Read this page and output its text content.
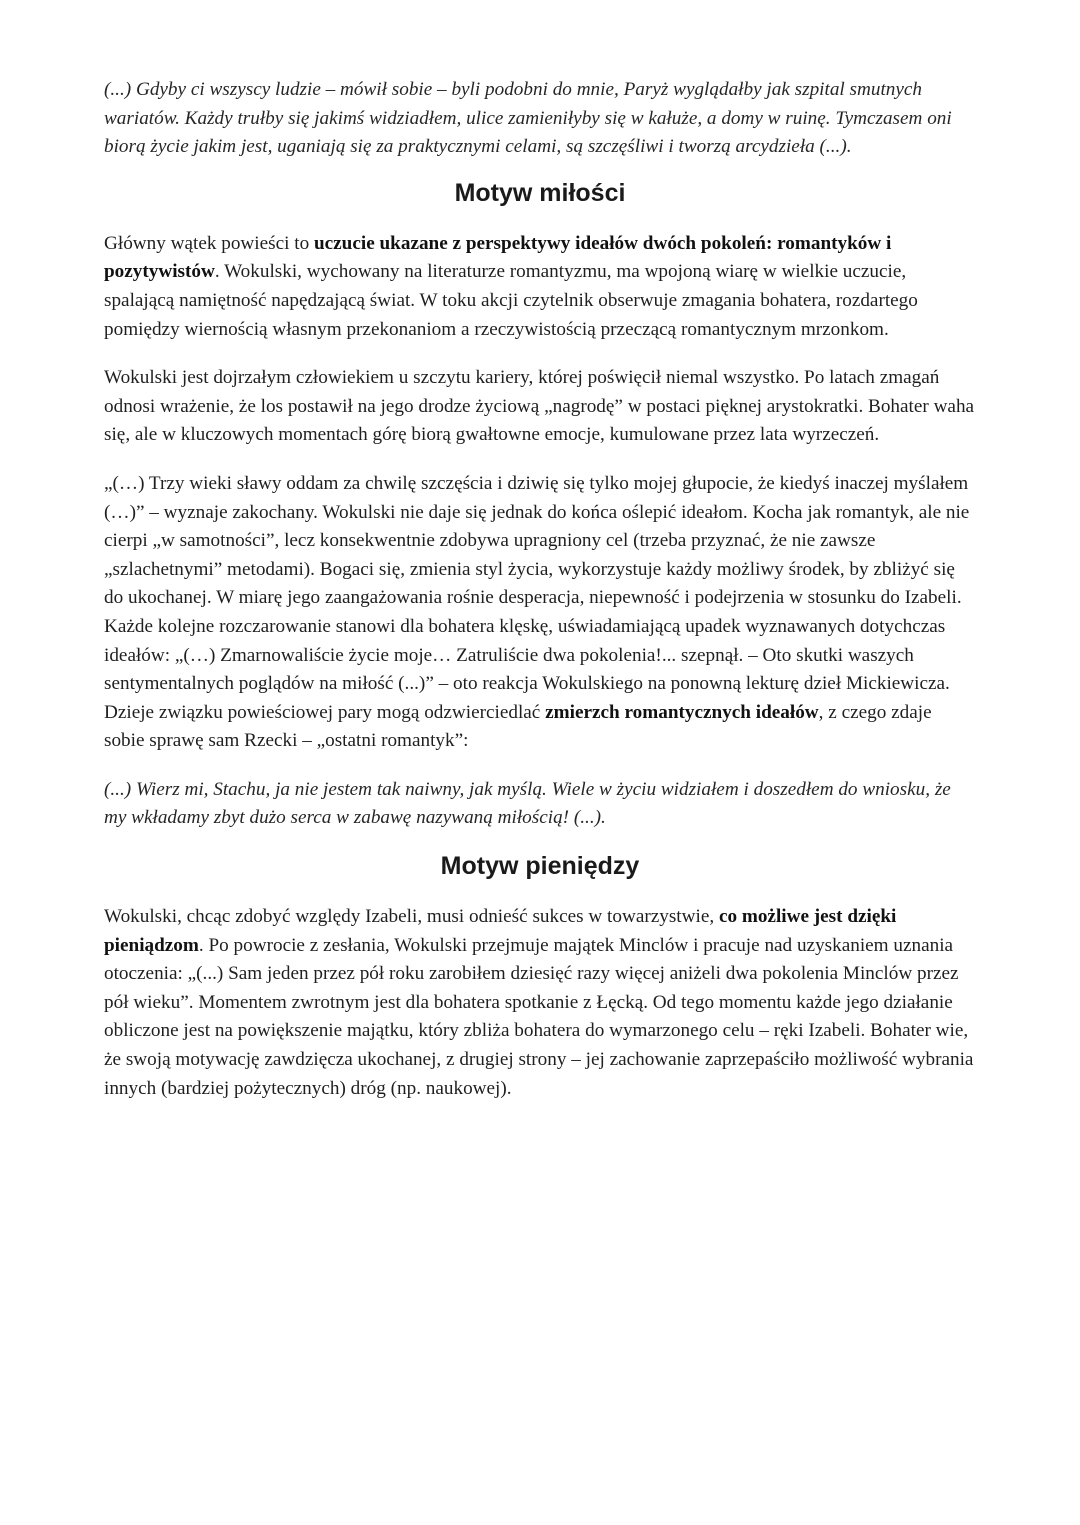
(...) Gdyby ci wszyscy ludzie – mówił sobie – byli podobni do mnie, Paryż wyglądałby jak szpital smutnych wariatów. Każdy trułby się jakimś widziadłem, ulice zamieniłyby się w kałuże, a domy w ruinę. Tymczasem oni biorą życie jakim jest, uganiają się za praktycznymi celami, są szczęśliwi i tworzą arcydzieła (...).

Motyw miłości

Główny wątek powieści to uczucie ukazane z perspektywy ideałów dwóch pokoleń: romantyków i pozytywistów. Wokulski, wychowany na literaturze romantyzmu, ma wpojoną wiarę w wielkie uczucie, spalającą namiętność napędzającą świat. W toku akcji czytelnik obserwuje zmagania bohatera, rozdartego pomiędzy wiernością własnym przekonaniom a rzeczywistością przeczącą romantycznym mrzonkom.

Wokulski jest dojrzałym człowiekiem u szczytu kariery, której poświęcił niemal wszystko. Po latach zmagań odnosi wrażenie, że los postawił na jego drodze życiową „nagrodę” w postaci pięknej arystokratki. Bohater waha się, ale w kluczowych momentach górę biorą gwałtowne emocje, kumulowane przez lata wyrzeczeń.

„(…) Trzy wieki sławy oddam za chwilę szczęścia i dziwię się tylko mojej głupocie, że kiedyś inaczej myślałem (…)” – wyznaje zakochany. Wokulski nie daje się jednak do końca oślepić ideałom. Kocha jak romantyk, ale nie cierpi „w samotności”, lecz konsekwentnie zdobywa upragniony cel (trzeba przyznać, że nie zawsze „szlachetnymi” metodami). Bogaci się, zmienia styl życia, wykorzystuje każdy możliwy środek, by zbliżyć się do ukochanej. W miarę jego zaangażowania rośnie desperacja, niepewność i podejrzenia w stosunku do Izabeli. Każde kolejne rozczarowanie stanowi dla bohatera klęskę, uświadamiającą upadek wyznawanych dotychczas ideałów: „(…) Zmarnowaliście życie moje… Zatruliście dwa pokolenia!... szepnął. – Oto skutki waszych sentymentalnych poglądów na miłość (...)” – oto reakcja Wokulskiego na ponowną lekturę dzieł Mickiewicza. Dzieje związku powieściowej pary mogą odzwierciedlać zmierzch romantycznych ideałów, z czego zdaje sobie sprawę sam Rzecki – „ostatni romantyk”:

(...) Wierz mi, Stachu, ja nie jestem tak naiwny, jak myślą. Wiele w życiu widziałem i doszedłem do wniosku, że my wkładamy zbyt dużo serca w zabawę nazywaną miłością! (...).

Motyw pieniędzy

Wokulski, chcąc zdobyć względy Izabeli, musi odnieść sukces w towarzystwie, co możliwe jest dzięki pieniądzom. Po powrocie z zesłania, Wokulski przejmuje majątek Minclów i pracuje nad uzyskaniem uznania otoczenia: „(...) Sam jeden przez pół roku zarobiłem dziesięć razy więcej aniżeli dwa pokolenia Minclów przez pół wieku”. Momentem zwrotnym jest dla bohatera spotkanie z Łęcką. Od tego momentu każde jego działanie obliczone jest na powiększenie majątku, który zbliża bohatera do wymarzonego celu – ręki Izabeli. Bohater wie, że swoją motywację zawdzięcza ukochanej, z drugiej strony – jej zachowanie zaprzepaściło możliwość wybrania innych (bardziej pożytecznych) dróg (np. naukowej).
